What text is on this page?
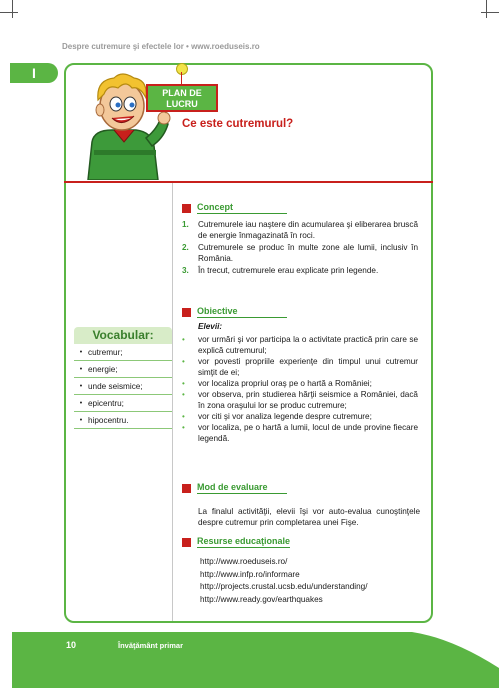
Despre cutremure şi efectele lor • www.roeduseis.ro
I
PLAN DE
LUCRU
Ce este cutremurul?
Concept
1.	Cutremurele iau naştere din acumularea şi eliberarea bruscă de energie înmagazinată în roci.
2.	Cutremurele se produc în multe zone ale lumii, inclusiv în România.
3.	În trecut, cutremurele erau explicate prin legende.
Obiective
Elevii:
•	vor urmări şi vor participa la o activitate practică prin care se explică cutremurul;
•	vor povesti propriile experienţe din timpul unui cutremur simţit de ei;
•	vor localiza propriul oraş pe o hartă a României;
•	vor observa, prin studierea hărţii seismice a României, dacă în zona oraşului lor se produc cutremure;
•	vor citi şi vor analiza legende despre cutremure;
•	vor localiza, pe o hartă a lumii, locul de unde provine fiecare legendă.
Vocabular:
• cutremur;
• energie;
• unde seismice;
• epicentru;
• hipocentru.
Mod de evaluare
La finalul activităţii, elevii îşi vor auto-evalua cunoştinţele despre cutremur prin completarea unei Fişe.
Resurse educaţionale
http://www.roeduseis.ro/
http://www.infp.ro/informare
http://projects.crustal.ucsb.edu/understanding/
http://www.ready.gov/earthquakes
10	Învăţământ primar
